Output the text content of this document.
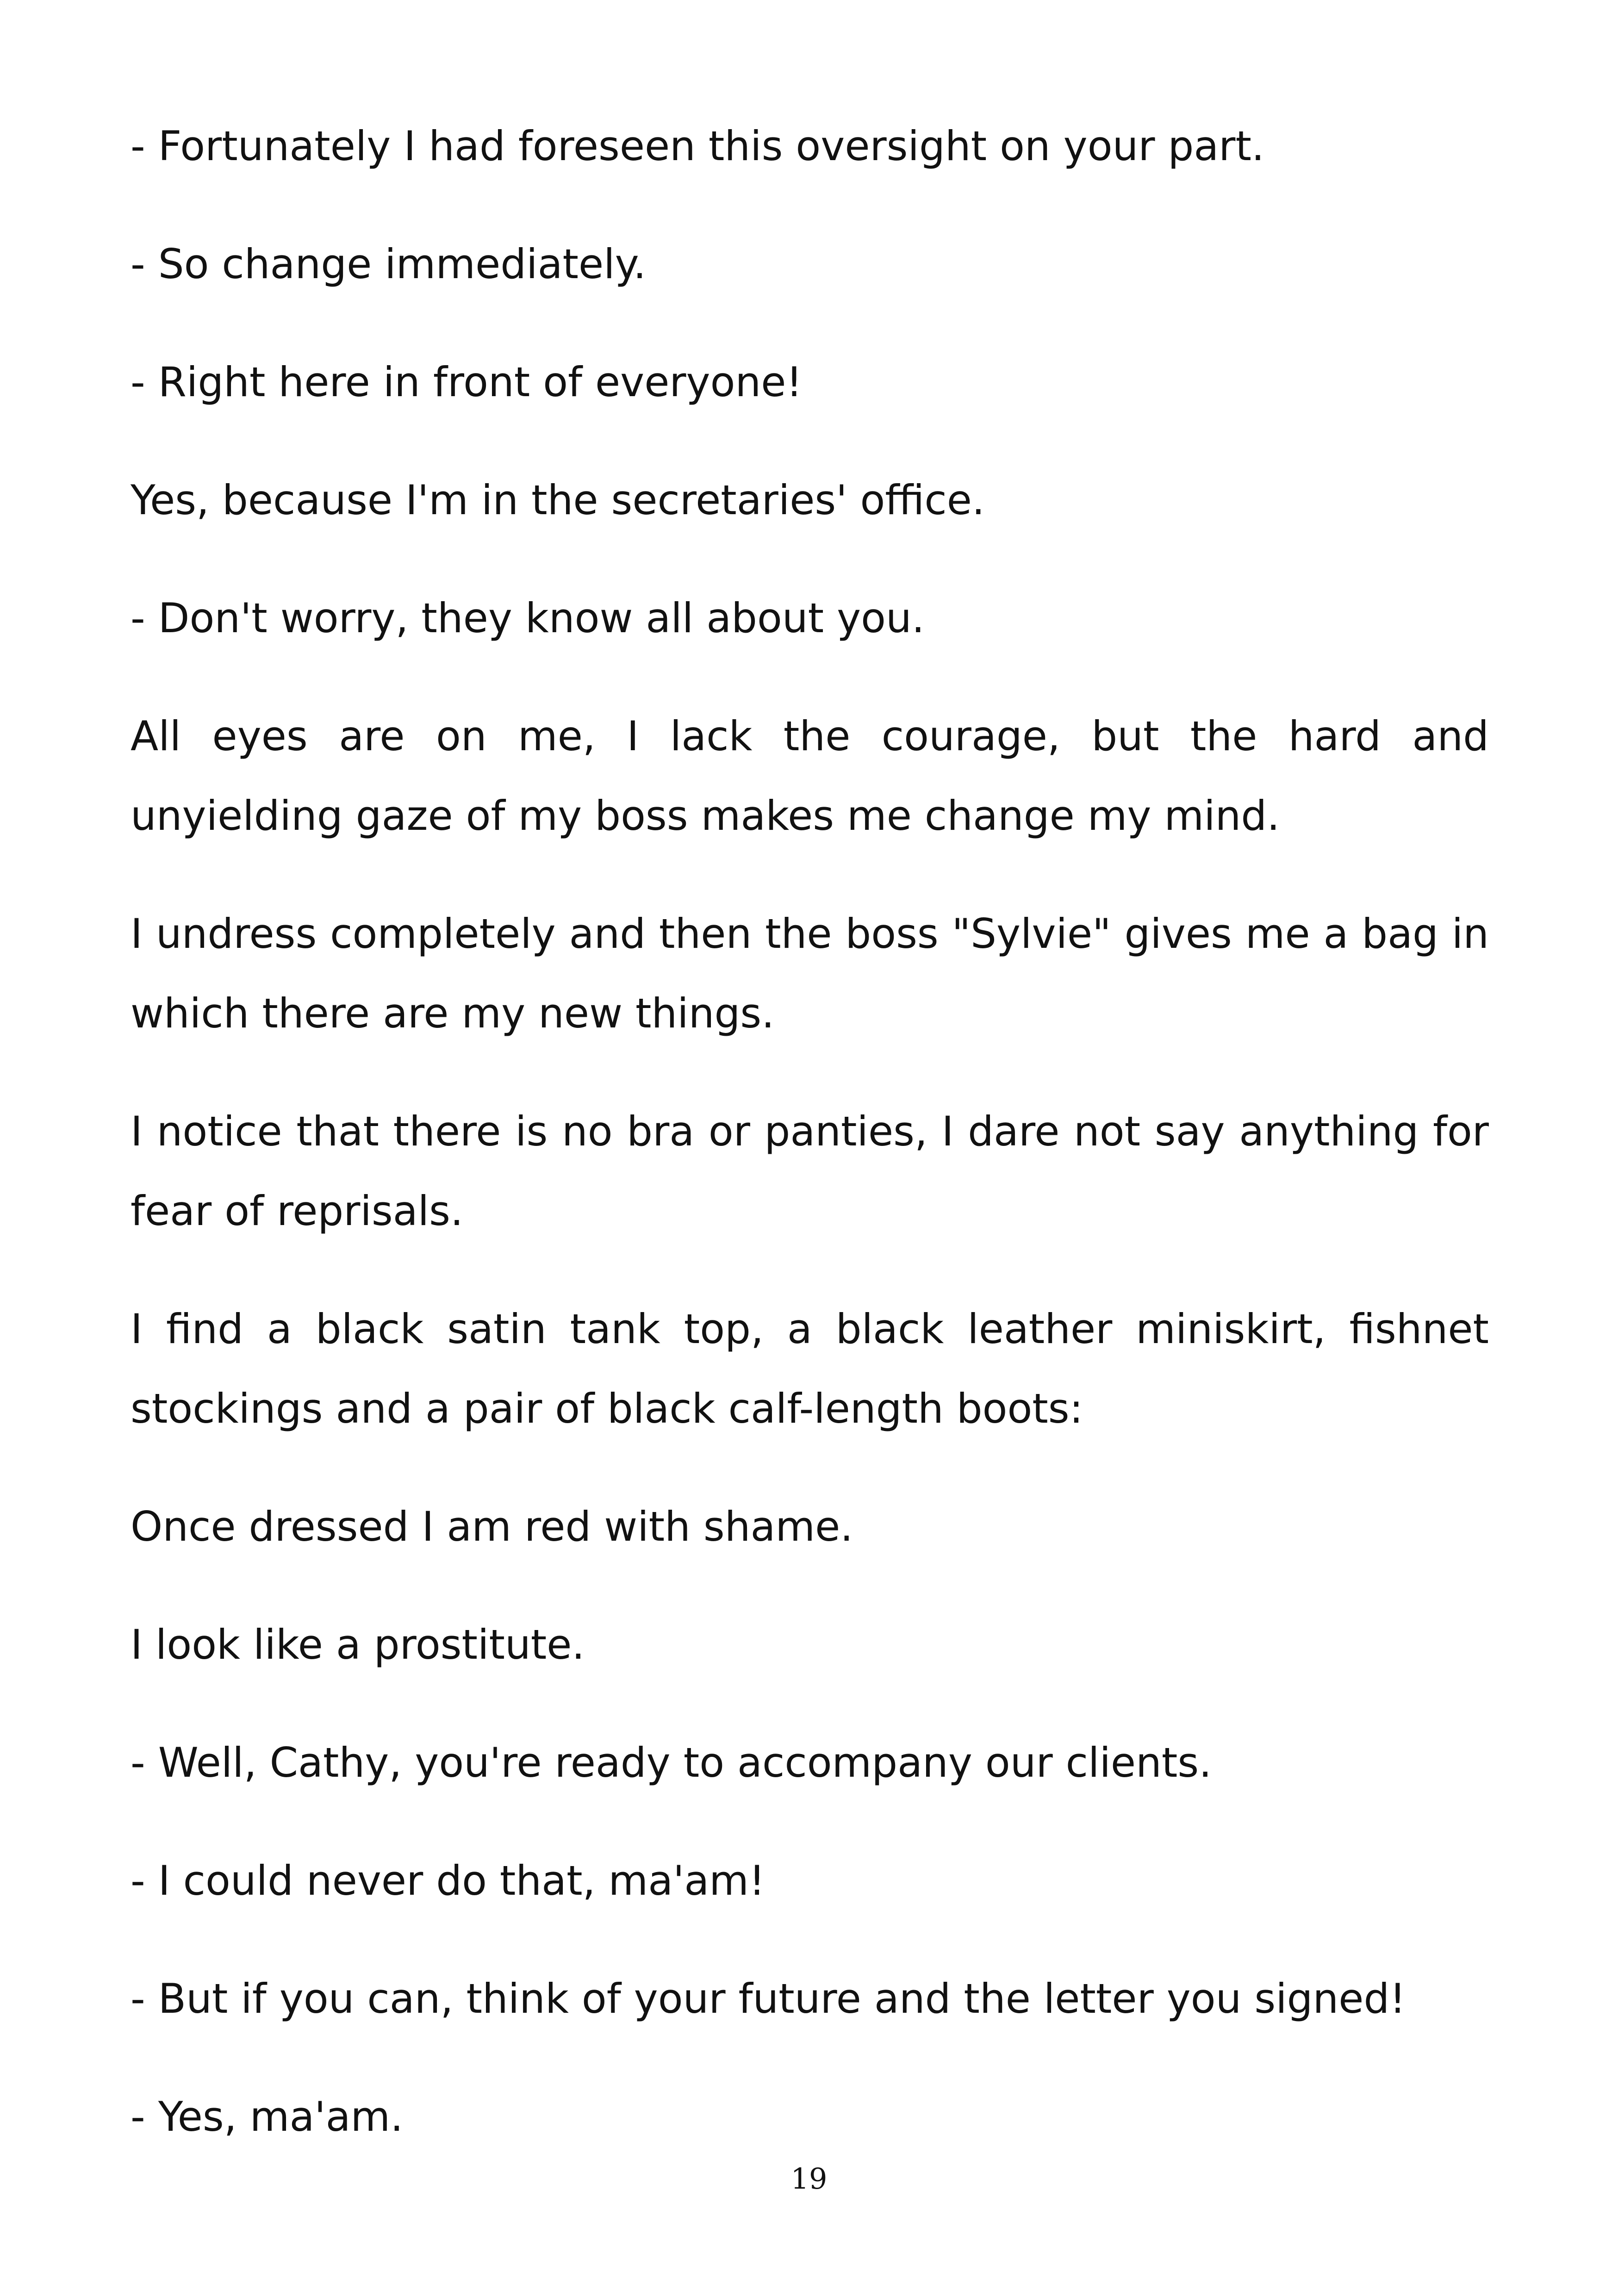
- Fortunately I had foreseen this oversight on your part.

- So change immediately.

- Right here in front of everyone!

Yes, because I'm in the secretaries' office.

- Don't worry, they know all about you.

All eyes are on me, I lack the courage, but the hard and unyielding gaze of my boss makes me change my mind.

I undress completely and then the boss "Sylvie" gives me a bag in which there are my new things.

I notice that there is no bra or panties, I dare not say anything for fear of reprisals.

I find a black satin tank top, a black leather miniskirt, fishnet stockings and a pair of black calf-length boots:

Once dressed I am red with shame.

I look like a prostitute.

- Well, Cathy, you're ready to accompany our clients.

- I could never do that, ma'am!

- But if you can, think of your future and the letter you signed!

- Yes, ma'am.

19
